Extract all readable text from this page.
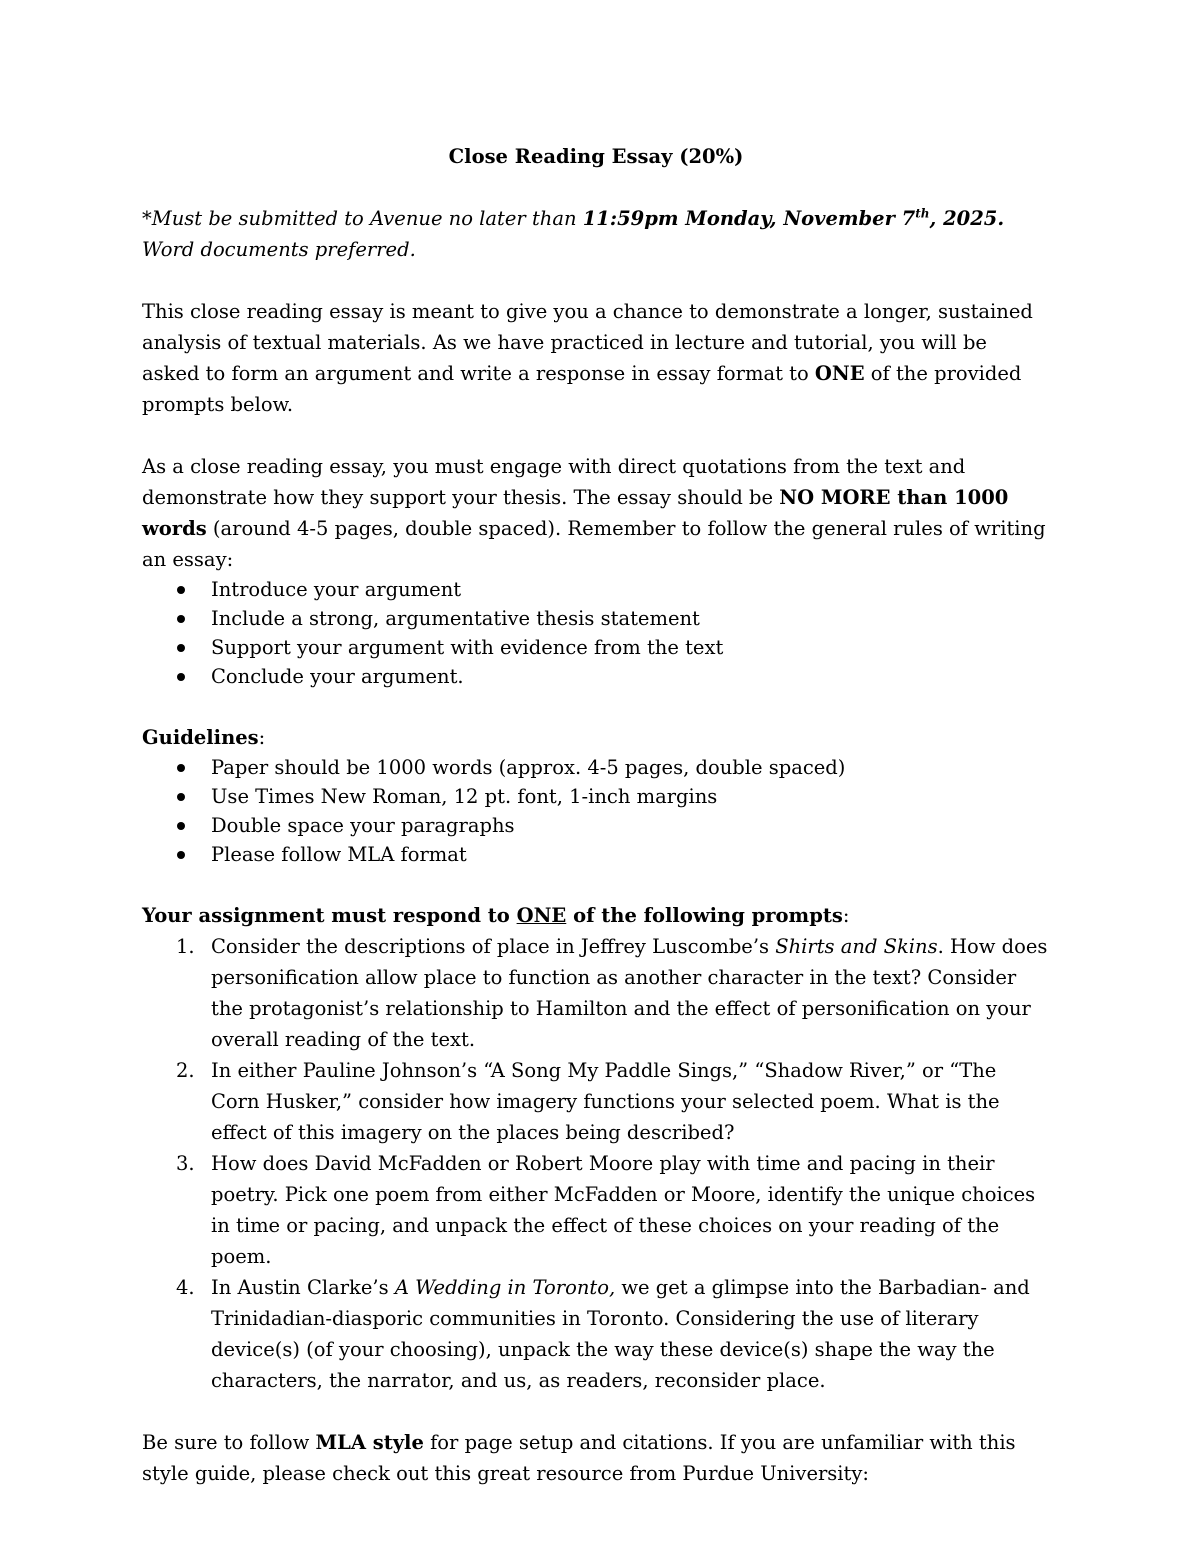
Close Reading Essay (20%)

*Must be submitted to Avenue no later than 11:59pm Monday, November 7th, 2025.

Word documents preferred.

This close reading essay is meant to give you a chance to demonstrate a longer, sustained analysis of textual materials. As we have practiced in lecture and tutorial, you will be asked to form an argument and write a response in essay format to ONE of the provided prompts below.

As a close reading essay, you must engage with direct quotations from the text and demonstrate how they support your thesis. The essay should be NO MORE than 1000 words (around 4-5 pages, double spaced). Remember to follow the general rules of writing an essay:

Introduce your argument
Include a strong, argumentative thesis statement
Support your argument with evidence from the text
Conclude your argument.

Guidelines:

Paper should be 1000 words (approx. 4-5 pages, double spaced)
Use Times New Roman, 12 pt. font, 1-inch margins
Double space your paragraphs
Please follow MLA format

Your assignment must respond to ONE of the following prompts:

1. Consider the descriptions of place in Jeffrey Luscombe’s Shirts and Skins. How does personification allow place to function as another character in the text? Consider the protagonist’s relationship to Hamilton and the effect of personification on your overall reading of the text.
2. In either Pauline Johnson’s “A Song My Paddle Sings,” “Shadow River,” or “The Corn Husker,” consider how imagery functions your selected poem. What is the effect of this imagery on the places being described?
3. How does David McFadden or Robert Moore play with time and pacing in their poetry. Pick one poem from either McFadden or Moore, identify the unique choices in time or pacing, and unpack the effect of these choices on your reading of the poem.
4. In Austin Clarke’s A Wedding in Toronto, we get a glimpse into the Barbadian- and Trinidadian-diasporic communities in Toronto. Considering the use of literary device(s) (of your choosing), unpack the way these device(s) shape the way the characters, the narrator, and us, as readers, reconsider place.

Be sure to follow MLA style for page setup and citations. If you are unfamiliar with this style guide, please check out this great resource from Purdue University:
